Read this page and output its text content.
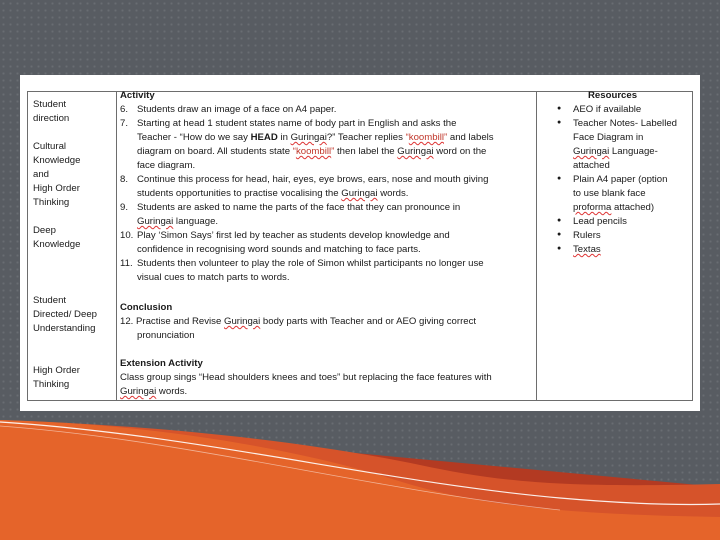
Student
direction
Cultural
Knowledge
and
High Order
Thinking
Deep
Knowledge
Student
Directed/ Deep
Understanding
High Order
Thinking
Activity
6. Students draw an image of a face on A4 paper.
7. Starting at head 1 student states name of body part in English and asks the
Teacher - “How do we say HEAD in Guringai?” Teacher replies “koombill” and labels
diagram on board. All students state “koombill” then label the Guringai word on the
face diagram.
8. Continue this process for head, hair, eyes, eye brows, ears, nose and mouth giving
students opportunities to practise vocalising the Guringai words.
9. Students are asked to name the parts of the face that they can pronounce in
Guringai language.
10. Play ‘Simon Says’ first led by teacher as students develop knowledge and
confidence in recognising word sounds and matching to face parts.
11. Students then volunteer to play the role of Simon whilst participants no longer use
visual cues to match parts to words.
Conclusion
12. Practise and Revise Guringai body parts with Teacher and or AEO giving correct
pronunciation
Extension Activity
Class group sings “Head shoulders knees and toes” but replacing the face features with
Guringai words.
Resources
● AEO if available
● Teacher Notes- Labelled
Face Diagram in
Guringai Language-
attached
● Plain A4 paper (option
to use blank face
proforma attached)
● Lead pencils
● Rulers
● Textas
